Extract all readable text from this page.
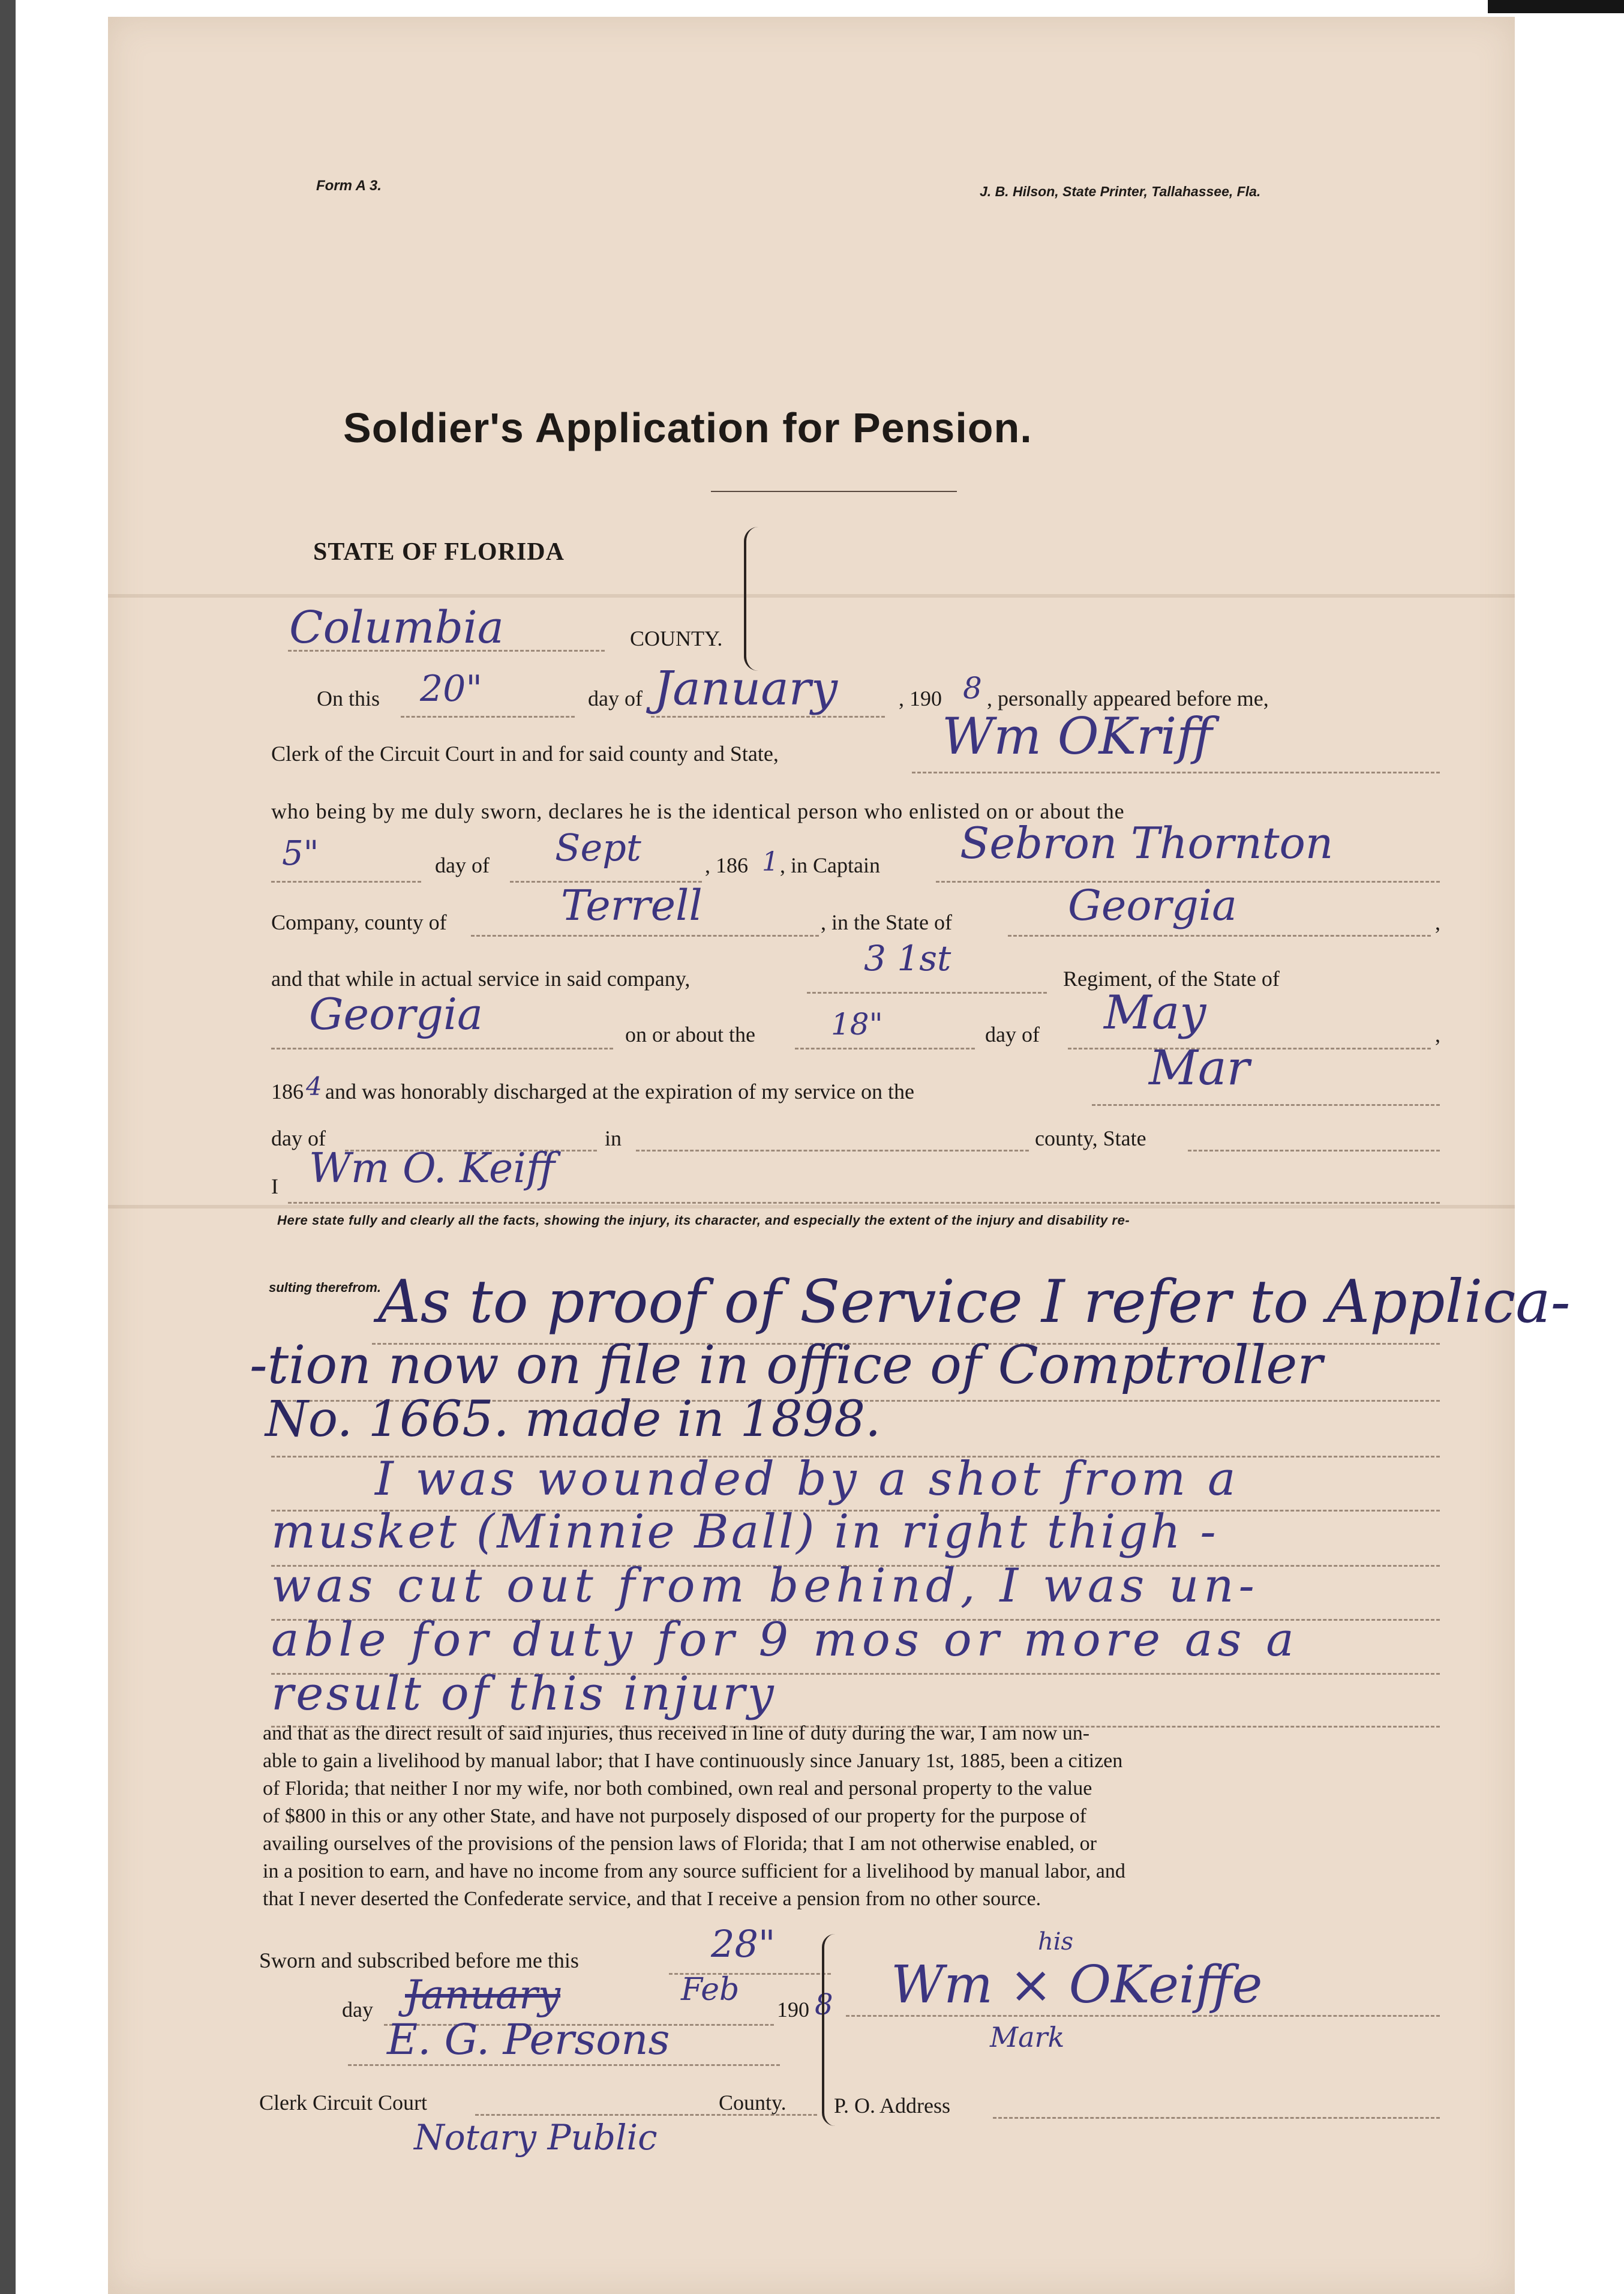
Form A 3.	J. B. Hilson, State Printer, Tallahassee, Fla.
Soldier's Application for Pension.
STATE OF FLORIDA
Columbia	COUNTY.
On this 20"	day of January	, 190 8 , personally appeared before me,
Clerk of the Circuit Court in and for said county and State,	Wm OKriff
who being by me duly sworn, declares he is the identical person who enlisted on or about the
5"	day of Sept	, 186 1 , in Captain Sebron Thornton
Company, county of	Terrell	, in the State of	Georgia	,
and that while in actual service in said company,	3 1st	Regiment, of the State of
Georgia	on or about the	18"	day of May	,
186 4 and was honorably discharged at the expiration of my service on the	Mar
day of	in	county, State
I Wm O. Keiff
Here state fully and clearly all the facts, showing the injury, its character, and especially the extent of the injury and disability re-
sulting therefrom.
As to proof of Service I refer to Applica-
-tion now on file in office of Comptroller
No. 1665. made in 1898.
I was wounded by a shot from a
musket (Minnie Ball) in right thigh -
was cut out from behind, I was un-
able for duty for 9 mos or more as a
result of this injury
and that as the direct result of said injuries, thus received in line of duty during the war, I am now un-
able to gain a livelihood by manual labor; that I have continuously since January 1st, 1885, been a citizen
of Florida; that neither I nor my wife, nor both combined, own real and personal property to the value
of $800 in this or any other State, and have not purposely disposed of our property for the purpose of
availing ourselves of the provisions of the pension laws of Florida; that I am not otherwise enabled, or
in a position to earn, and have no income from any source sufficient for a livelihood by manual labor, and
that I never deserted the Confederate service, and that I receive a pension from no other source.
Sworn and subscribed before me this	28"
day January	Feb
190 8
E. G. Persons
Clerk Circuit Court	County.
Notary Public
his
Wm × OKeiffe
Mark
P. O. Address
